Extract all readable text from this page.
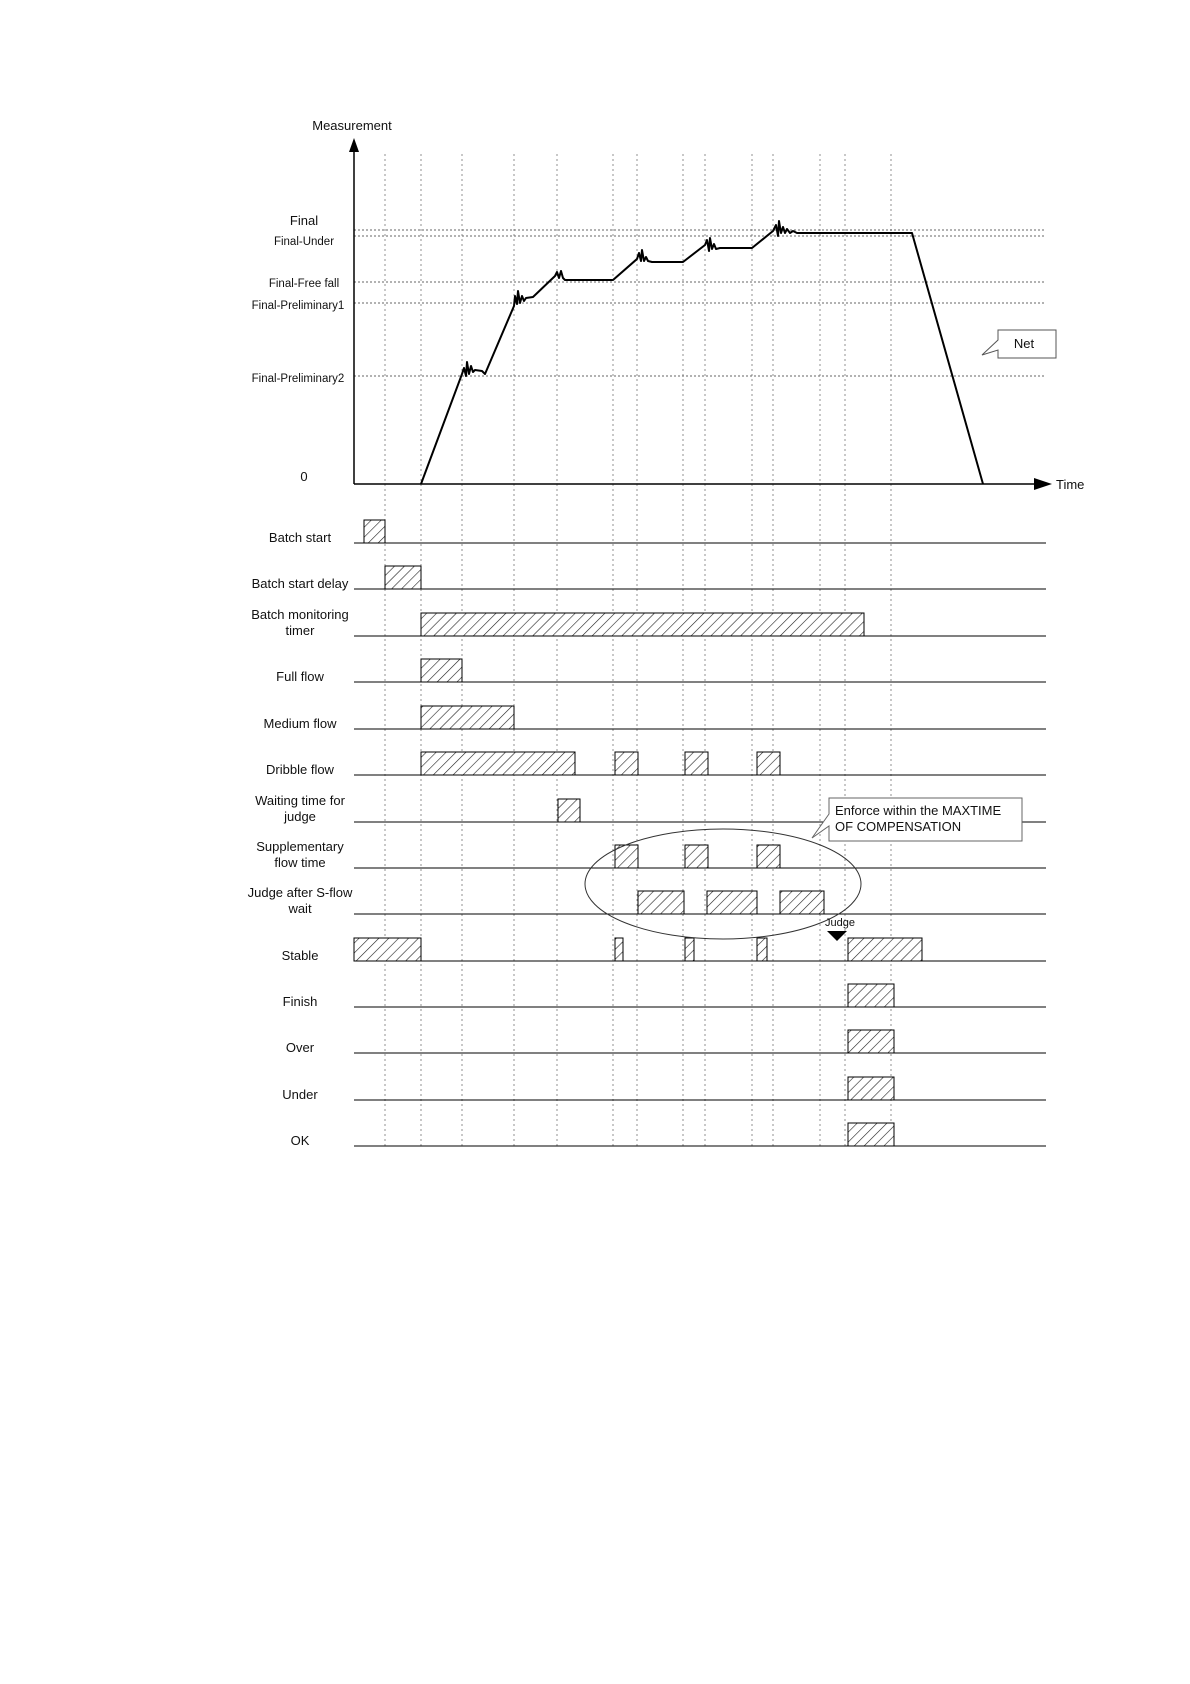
Measurement
Time
0
Final
Final-Under
Final-Free fall
Final-Preliminary1
Final-Preliminary2
Net
Batch start
Batch start delay
Batch monitoring
timer
Full flow
Medium flow
Dribble flow
Waiting time for
judge
Supplementary
flow time
Judge after S-flow
wait
Stable
Finish
Over
Under
OK
Enforce within the MAXTIME
OF COMPENSATION
Judge
